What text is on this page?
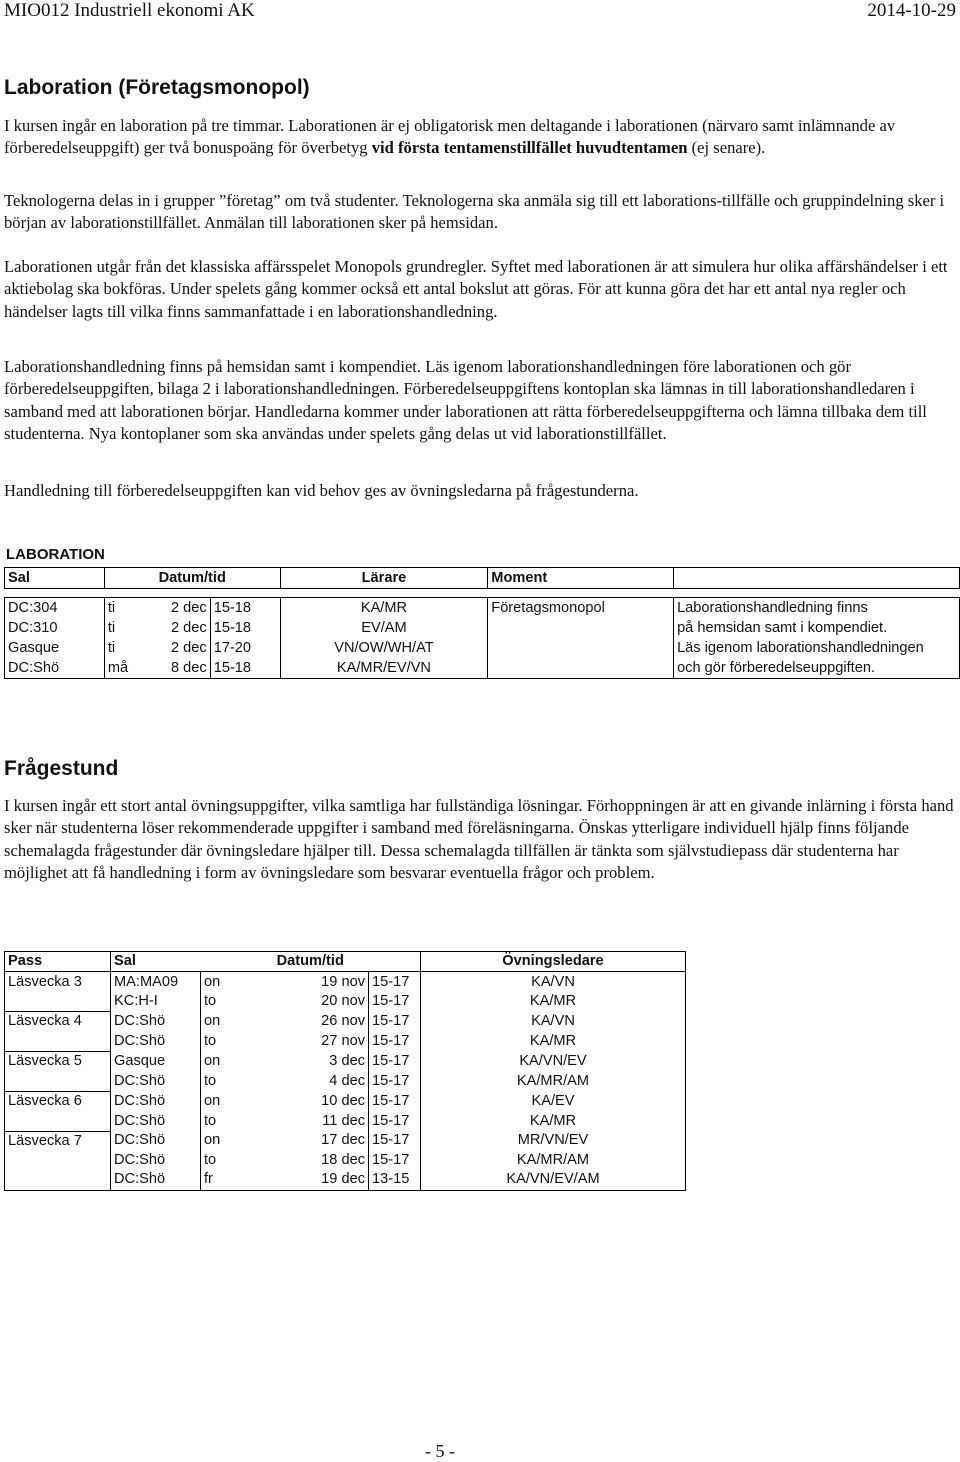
MIO012 Industriell ekonomi AK	2014-10-29
Laboration (Företagsmonopol)

I kursen ingår en laboration på tre timmar. Laborationen är ej obligatorisk men deltagande i laborationen (närvaro samt inlämnande av förberedelseuppgift) ger två bonuspoäng för överbetyg vid första tentamenstillfället huvudtentamen (ej senare).

Teknologerna delas in i grupper ”företag” om två studenter. Teknologerna ska anmäla sig till ett laborations-tillfälle och gruppindelning sker i början av laborationstillfället. Anmälan till laborationen sker på hemsidan.

Laborationen utgår från det klassiska affärsspelet Monopols grundregler. Syftet med laborationen är att simulera hur olika affärshändelser i ett aktiebolag ska bokföras. Under spelets gång kommer också ett antal bokslut att göras. För att kunna göra det har ett antal nya regler och händelser lagts till vilka finns sammanfattade i en laborationshandledning.

Laborationshandledning finns på hemsidan samt i kompendiet. Läs igenom laborationshandledningen före laborationen och gör förberedelseuppgiften, bilaga 2 i laborationshandledningen. Förberedelseuppgiftens kontoplan ska lämnas in till laborationshandledaren i samband med att laborationen börjar. Handledarna kommer under laborationen att rätta förberedelseuppgifterna och lämna tillbaka dem till studenterna. Nya kontoplaner som ska användas under spelets gång delas ut vid laborationstillfället.

Handledning till förberedelseuppgiften kan vid behov ges av övningsledarna på frågestunderna.

LABORATION
Sal	Datum/tid			Lärare	Moment	

DC:304	ti	2 dec	15-18	KA/MR	Företagsmonopol	Laborationshandledning finns
DC:310	ti	2 dec	15-18	EV/AM		på hemsidan samt i kompendiet.
Gasque	ti	2 dec	17-20	VN/OW/WH/AT		Läs igenom laborationshandledningen
DC:Shö	må	8 dec	15-18	KA/MR/EV/VN		och gör förberedelseuppgiften.
Frågestund

I kursen ingår ett stort antal övningsuppgifter, vilka samtliga har fullständiga lösningar. Förhoppningen är att en givande inlärning i första hand sker när studenterna löser rekommenderade uppgifter i samband med föreläsningarna. Önskas ytterligare individuell hjälp finns följande schemalagda frågestunder där övningsledare hjälper till. Dessa schemalagda tillfällen är tänkta som självstudiepass där studenterna har möjlighet att få handledning i form av övningsledare som besvarar eventuella frågor och problem.

Pass	Sal	Datum/tid			Övningsledare
Läsvecka 3	MA:MA09	on	19 nov	15-17	KA/VN
	KC:H-I	to	20 nov	15-17	KA/MR
Läsvecka 4	DC:Shö	on	26 nov	15-17	KA/VN
	DC:Shö	to	27 nov	15-17	KA/MR
Läsvecka 5	Gasque	on	3 dec	15-17	KA/VN/EV
	DC:Shö	to	4 dec	15-17	KA/MR/AM
Läsvecka 6	DC:Shö	on	10 dec	15-17	KA/EV
	DC:Shö	to	11 dec	15-17	KA/MR
Läsvecka 7	DC:Shö	on	17 dec	15-17	MR/VN/EV
	DC:Shö	to	18 dec	15-17	KA/MR/AM
	DC:Shö	fr	19 dec	13-15	KA/VN/EV/AM
- 5 -
